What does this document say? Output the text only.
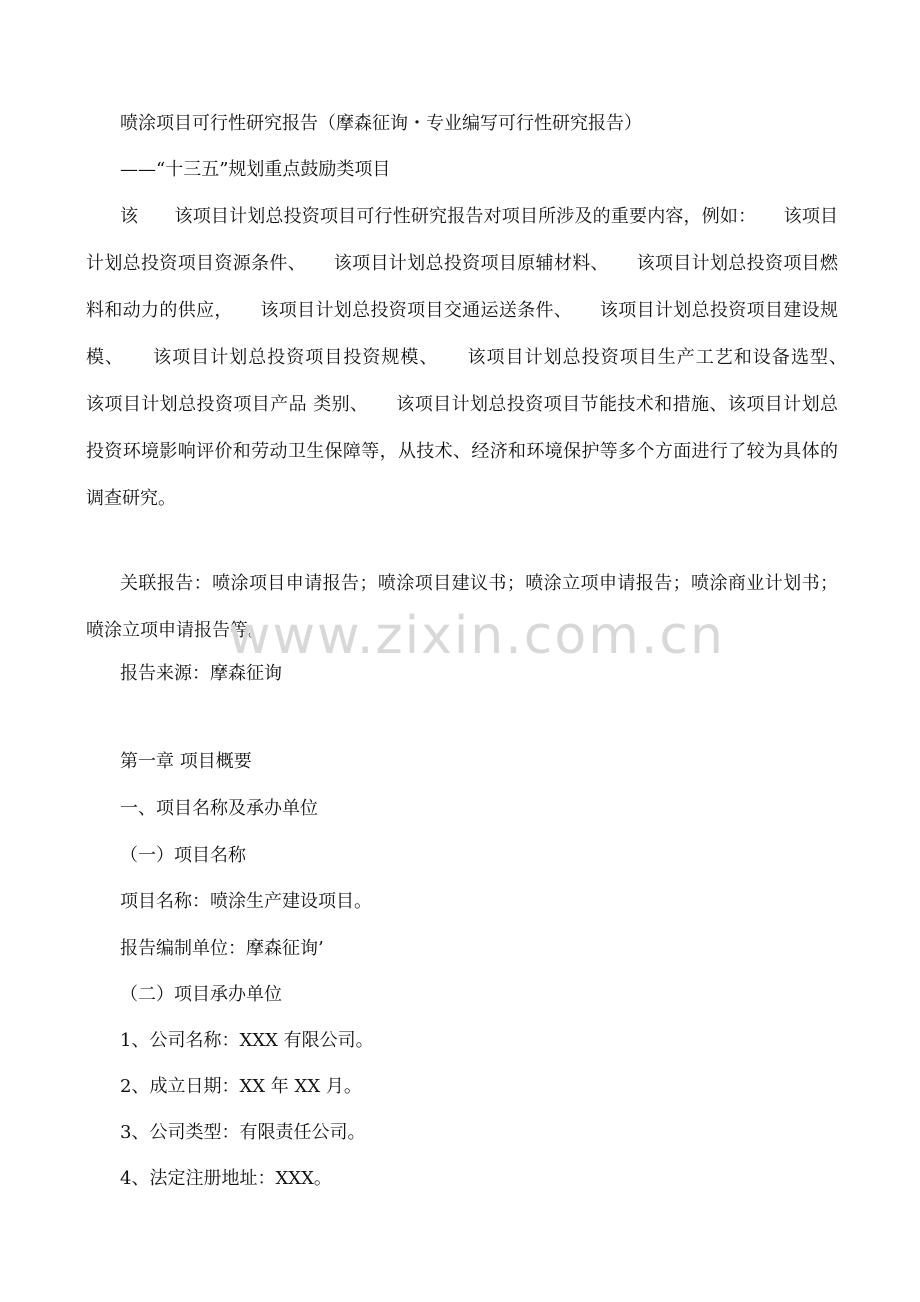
喷涂项目可行性研究报告（摩森征询・专业编写可行性研究报告）
——“十三五”规划重点鼓励类项目
该　　该项目计划总投资项目可行性研究报告对项目所涉及的重要内容，例如：　　该项目计划总投资项目资源条件、　　该项目计划总投资项目原辅材料、　　该项目计划总投资项目燃料和动力的供应，　　该项目计划总投资项目交通运送条件、　　该项目计划总投资项目建设规模、　　该项目计划总投资项目投资规模、　　该项目计划总投资项目生产工艺和设备选型、　　该项目计划总投资项目产品 类别、　　该项目计划总投资项目节能技术和措施、该项目计划总投资环境影响评价和劳动卫生保障等，从技术、经济和环境保护等多个方面进行了较为具体的调查研究。
关联报告：喷涂项目申请报告；喷涂项目建议书；喷涂立项申请报告；喷涂商业计划书；喷涂立项申请报告等。
报告来源：摩森征询
第一章 项目概要
一、项目名称及承办单位
（一）项目名称
项目名称：喷涂生产建设项目。
报告编制单位：摩森征询’
（二）项目承办单位
1、公司名称：XXX 有限公司。
2、成立日期：XX 年 XX 月。
3、公司类型：有限责任公司。
4、法定注册地址：XXX。
www.zixin.com.cn
